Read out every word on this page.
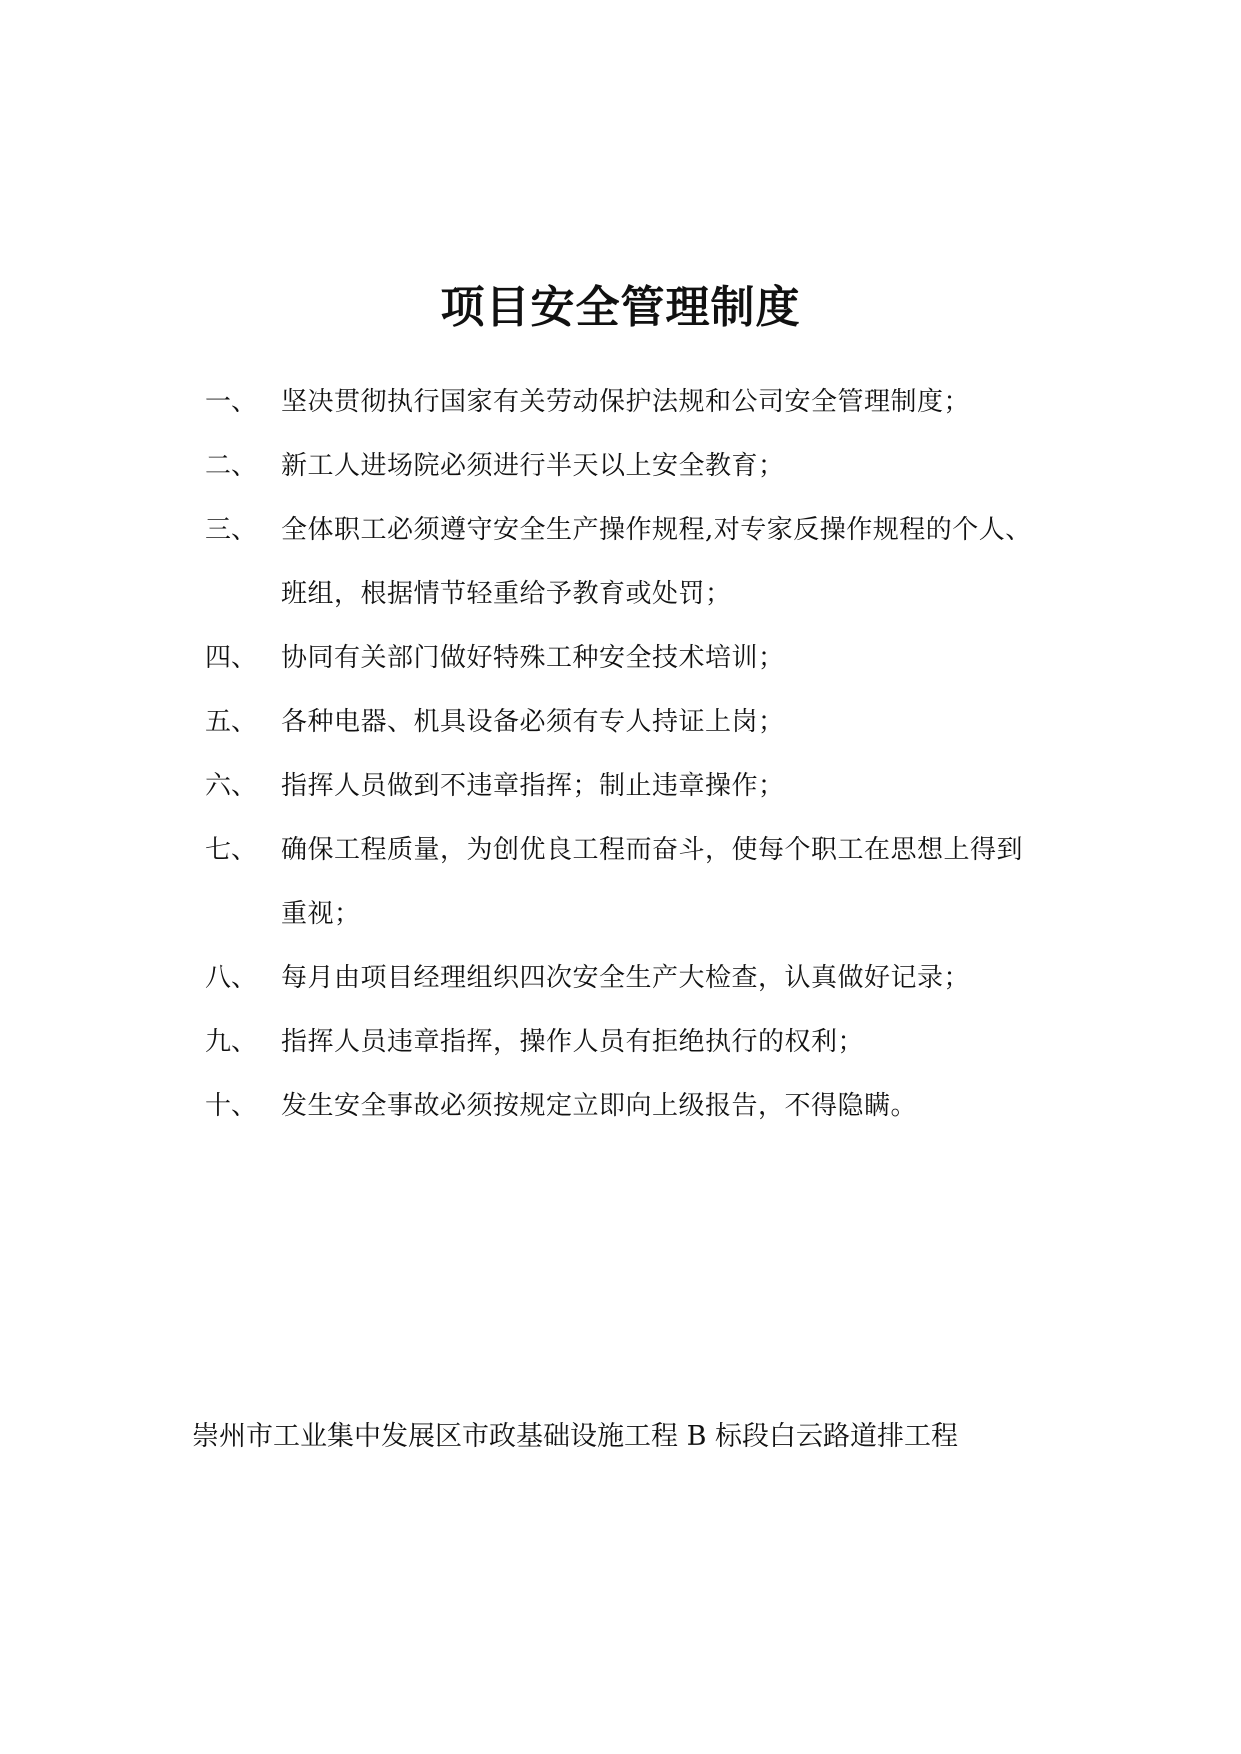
项目安全管理制度
一、 坚决贯彻执行国家有关劳动保护法规和公司安全管理制度；
二、 新工人进场院必须进行半天以上安全教育；
三、 全体职工必须遵守安全生产操作规程,对专家反操作规程的个人、
班组，根据情节轻重给予教育或处罚；
四、 协同有关部门做好特殊工种安全技术培训；
五、 各种电器、机具设备必须有专人持证上岗；
六、 指挥人员做到不违章指挥；制止违章操作；
七、 确保工程质量，为创优良工程而奋斗，使每个职工在思想上得到
重视；
八、 每月由项目经理组织四次安全生产大检查，认真做好记录；
九、 指挥人员违章指挥，操作人员有拒绝执行的权利；
十、 发生安全事故必须按规定立即向上级报告，不得隐瞒。
崇州市工业集中发展区市政基础设施工程 B 标段白云路道排工程
